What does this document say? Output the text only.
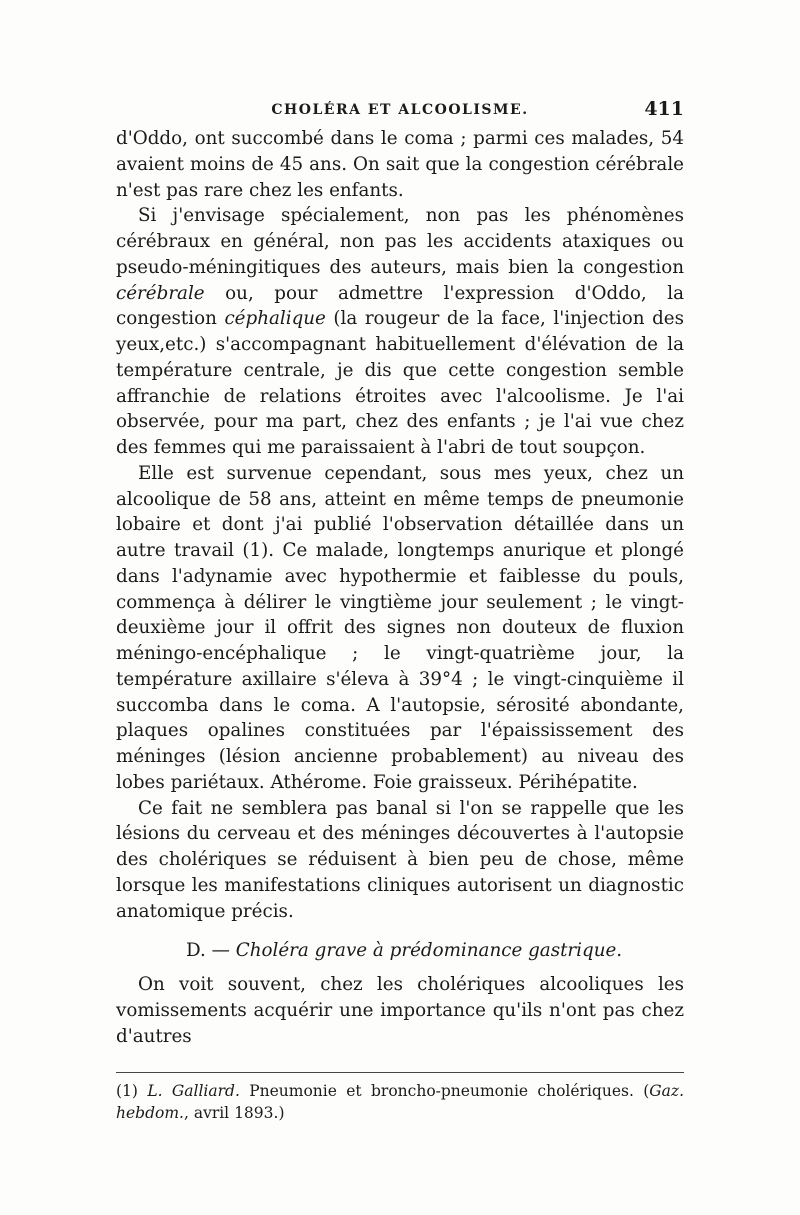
CHOLÉRA ET ALCOOLISME.	411

d'Oddo, ont succombé dans le coma ; parmi ces malades, 54 avaient moins de 45 ans. On sait que la congestion cérébrale n'est pas rare chez les enfants.

Si j'envisage spécialement, non pas les phénomènes cérébraux en général, non pas les accidents ataxiques ou pseudo-méningitiques des auteurs, mais bien la congestion cérébrale ou, pour admettre l'expression d'Oddo, la congestion céphalique (la rougeur de la face, l'injection des yeux,etc.) s'accompagnant habituellement d'élévation de la température centrale, je dis que cette congestion semble affranchie de relations étroites avec l'alcoolisme. Je l'ai observée, pour ma part, chez des enfants ; je l'ai vue chez des femmes qui me paraissaient à l'abri de tout soupçon.

Elle est survenue cependant, sous mes yeux, chez un alcoolique de 58 ans, atteint en même temps de pneumonie lobaire et dont j'ai publié l'observation détaillée dans un autre travail (1). Ce malade, longtemps anurique et plongé dans l'adynamie avec hypothermie et faiblesse du pouls, commença à délirer le vingtième jour seulement ; le vingt-deuxième jour il offrit des signes non douteux de fluxion méningo-encéphalique ; le vingt-quatrième jour, la température axillaire s'éleva à 39°4 ; le vingt-cinquième il succomba dans le coma. A l'autopsie, sérosité abondante, plaques opalines constituées par l'épaississement des méninges (lésion ancienne probablement) au niveau des lobes pariétaux. Athérome. Foie graisseux. Périhépatite.

Ce fait ne semblera pas banal si l'on se rappelle que les lésions du cerveau et des méninges découvertes à l'autopsie des cholériques se réduisent à bien peu de chose, même lorsque les manifestations cliniques autorisent un diagnostic anatomique précis.

D. — Choléra grave à prédominance gastrique.

On voit souvent, chez les cholériques alcooliques les vomissements acquérir une importance qu'ils n'ont pas chez d'autres

(1) L. Galliard. Pneumonie et broncho-pneumonie cholériques. (Gaz. hebdom., avril 1893.)
